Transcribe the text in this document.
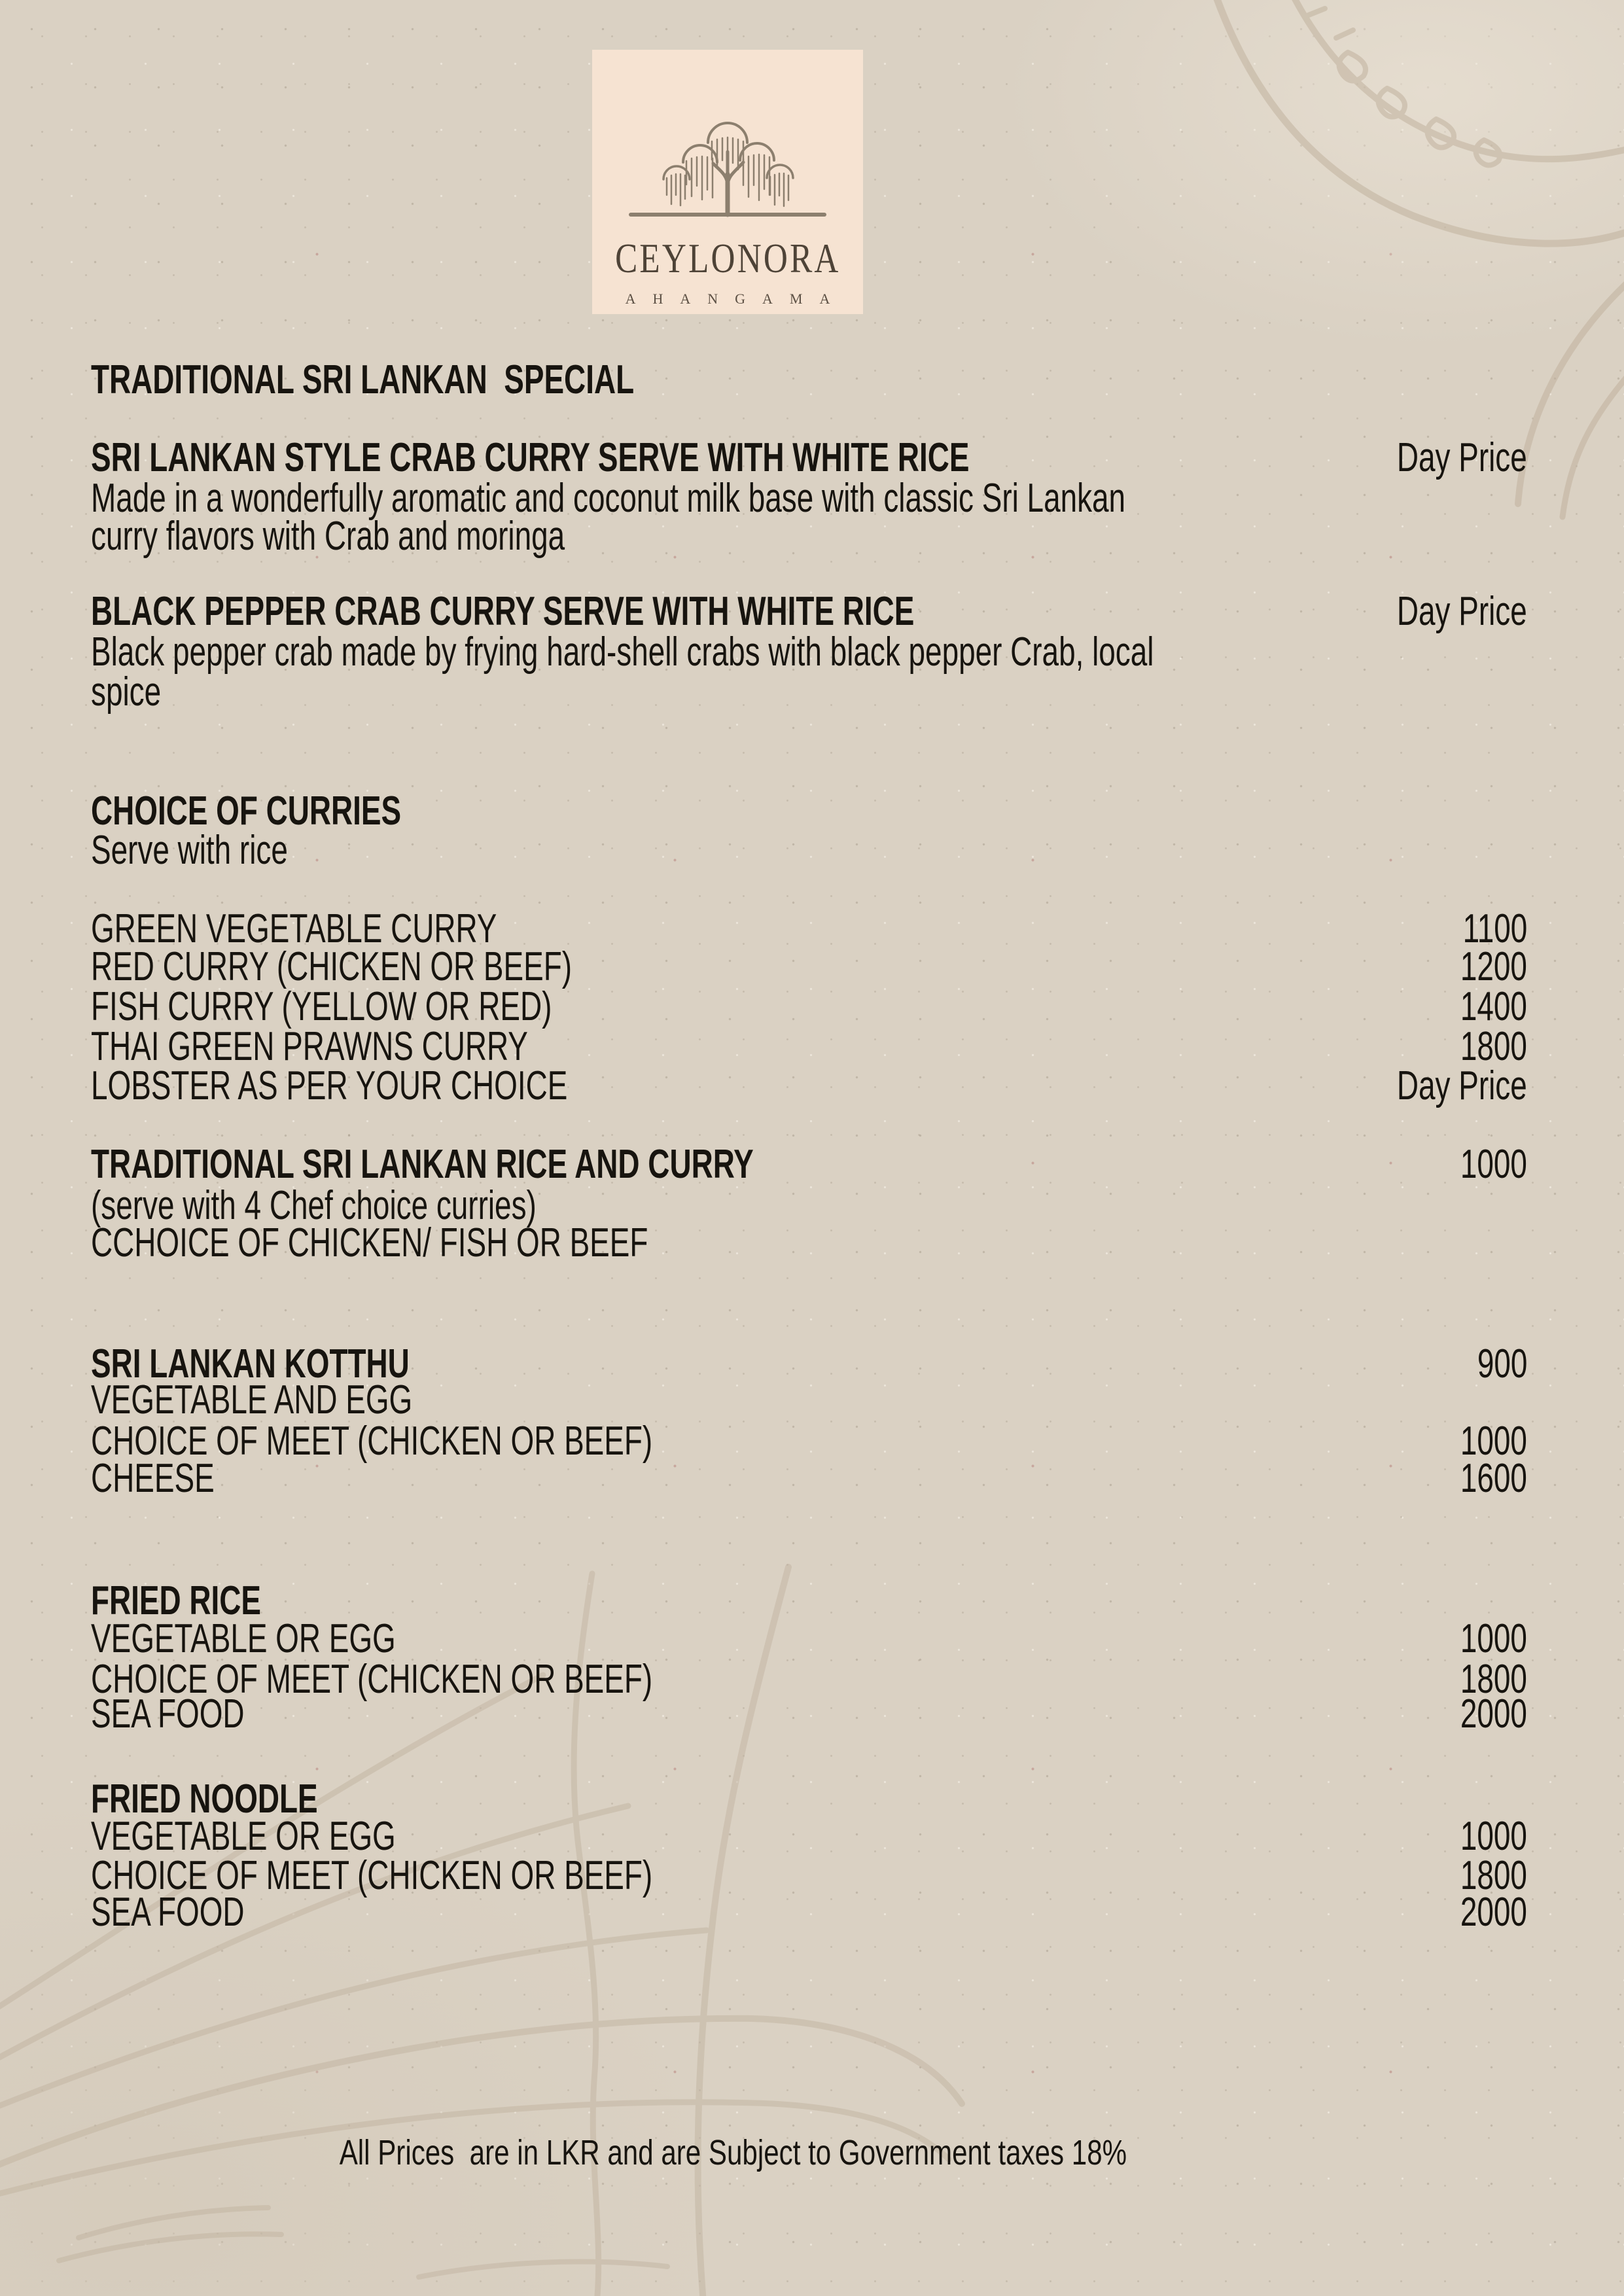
CEYLONORA
AHANGAMA
TRADITIONAL SRI LANKAN  SPECIAL
SRI LANKAN STYLE CRAB CURRY SERVE WITH WHITE RICE	Day Price
Made in a wonderfully aromatic and coconut milk base with classic Sri Lankan
curry flavors with Crab and moringa
BLACK PEPPER CRAB CURRY SERVE WITH WHITE RICE	Day Price
Black pepper crab made by frying hard-shell crabs with black pepper Crab, local
spice
CHOICE OF CURRIES
Serve with rice
GREEN VEGETABLE CURRY	1100
RED CURRY (CHICKEN OR BEEF)	1200
FISH CURRY (YELLOW OR RED)	1400
THAI GREEN PRAWNS CURRY	1800
LOBSTER AS PER YOUR CHOICE	Day Price
TRADITIONAL SRI LANKAN RICE AND CURRY	1000
(serve with 4 Chef choice curries)
CCHOICE OF CHICKEN/ FISH OR BEEF
SRI LANKAN KOTTHU	900
VEGETABLE AND EGG
CHOICE OF MEET (CHICKEN OR BEEF)	1000
CHEESE	1600
FRIED RICE
VEGETABLE OR EGG	1000
CHOICE OF MEET (CHICKEN OR BEEF)	1800
SEA FOOD	2000
FRIED NOODLE
VEGETABLE OR EGG	1000
CHOICE OF MEET (CHICKEN OR BEEF)	1800
SEA FOOD	2000
All Prices  are in LKR and are Subject to Government taxes 18%
